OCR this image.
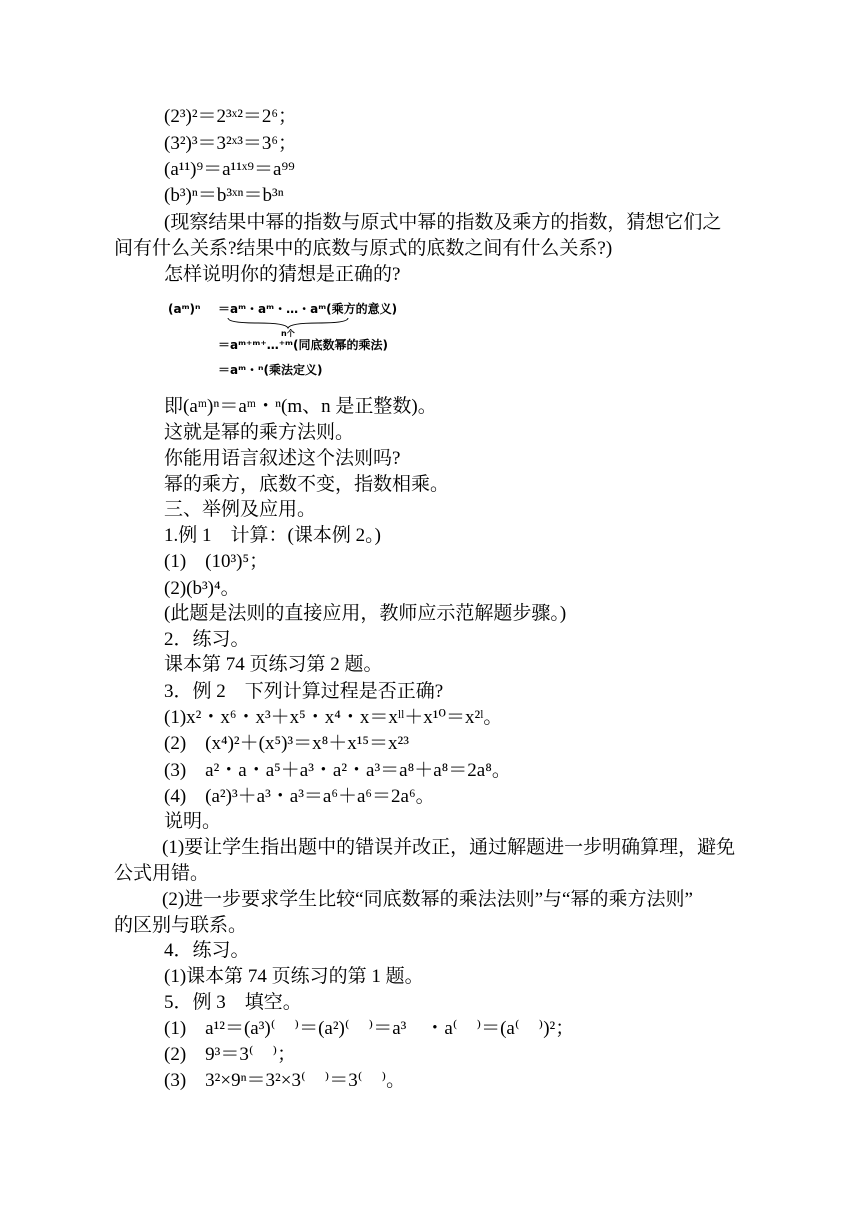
(2³)²＝2³ˣ²＝2⁶；
(3²)³＝3²ˣ³＝3⁶；
(a¹¹)⁹＝a¹¹ˣ⁹＝a⁹⁹
(b³)ⁿ＝b³ˣⁿ＝b³ⁿ
(现察结果中幂的指数与原式中幂的指数及乘方的指数，猜想它们之
间有什么关系?结果中的底数与原式的底数之间有什么关系?)
怎样说明你的猜想是正确的?
(aᵐ)ⁿ ＝aᵐ・aᵐ・…・aᵐ(乘方的意义)
n个
＝aᵐ⁺ᵐ⁺…⁺ᵐ(同底数幂的乘法)
＝aᵐ・ⁿ(乘法定义)
即(aᵐ)ⁿ＝aᵐ・ⁿ(m、n 是正整数)。
这就是幂的乘方法则。
你能用语言叙述这个法则吗?
幂的乘方，底数不变，指数相乘。
三、举例及应用。
1.例 1　计算：(课本例 2。)
(1)　(10³)⁵；
(2)(b³)⁴。
(此题是法则的直接应用，教师应示范解题步骤。)
2．练习。
课本第 74 页练习第 2 题。
3．例 2　下列计算过程是否正确?
(1)x²・x⁶・x³＋x⁵・x⁴・x＝xˡˡ＋x¹⁰＝x²ˡ。
(2)　(x⁴)²＋(x⁵)³＝x⁸＋x¹⁵＝x²³
(3)　a²・a・a⁵＋a³・a²・a³＝a⁸＋a⁸＝2a⁸。
(4)　(a²)³＋a³・a³＝a⁶＋a⁶＝2a⁶。
说明。
(1)要让学生指出题中的错误并改正，通过解题进一步明确算理，避免
公式用错。
(2)进一步要求学生比较“同底数幂的乘法法则”与“幂的乘方法则”
的区别与联系。
4．练习。
(1)课本第 74 页练习的第 1 题。
5．例 3　填空。
(1)　a¹²＝(a³)⁽　⁾＝(a²)⁽　⁾＝a³　・a⁽　⁾＝(a⁽　⁾)²；
(2)　9³＝3⁽　⁾；
(3)　3²×9ⁿ＝3²×3⁽　⁾＝3⁽　⁾。
